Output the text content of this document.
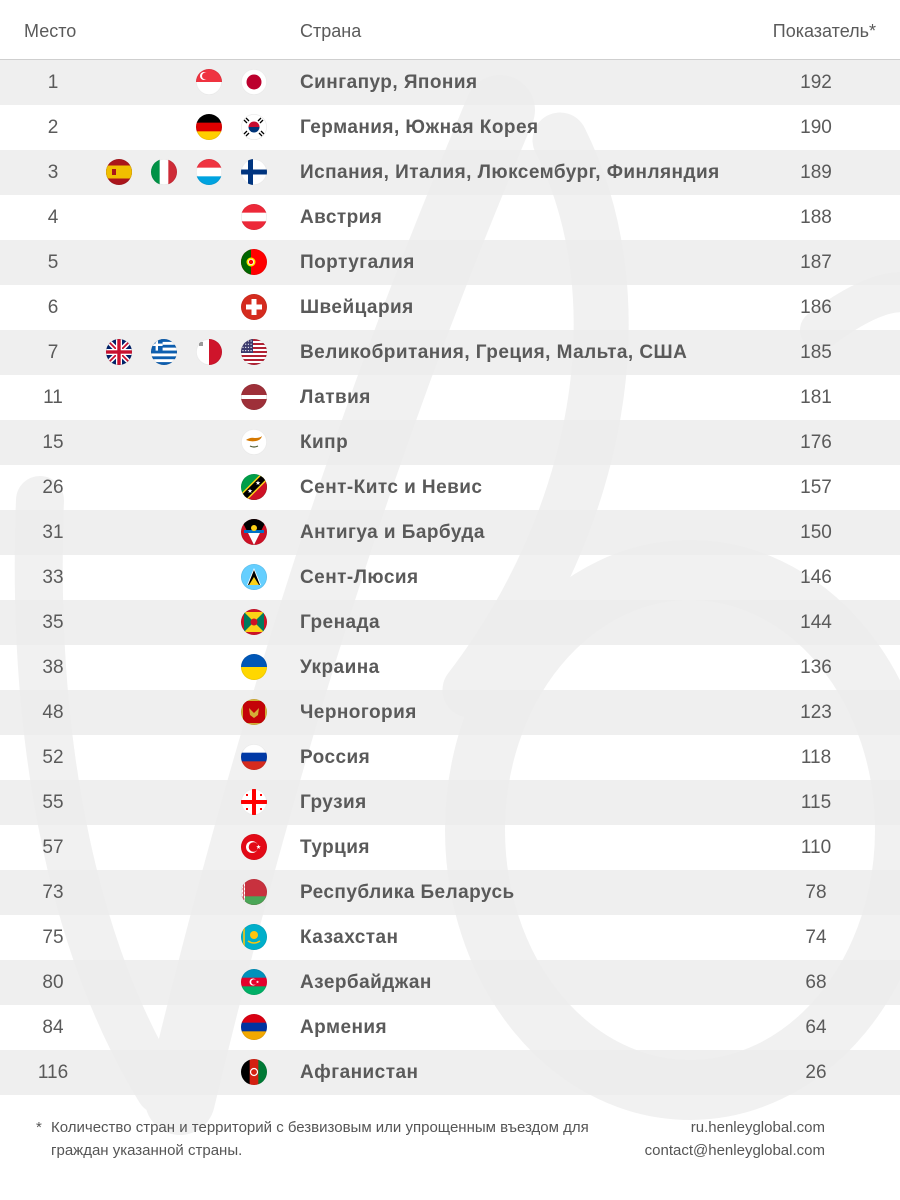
Место	Страна	Показатель*
1	Сингапур, Япония	192
2	Германия, Южная Корея	190
3	Испания, Италия, Люксембург, Финляндия	189
4	Австрия	188
5	Португалия	187
6	Швейцария	186
7	Великобритания, Греция, Мальта, США	185
11	Латвия	181
15	Кипр	176
26	Сент-Китс и Невис	157
31	Антигуа и Барбуда	150
33	Сент-Люсия	146
35	Гренада	144
38	Украина	136
48	Черногория	123
52	Россия	118
55	Грузия	115
57	Турция	110
73	Республика Беларусь	78
75	Казахстан	74
80	Азербайджан	68
84	Армения	64
116	Афганистан	26
* Количество стран и территорий с безвизовым или упрощенным въездом для граждан указанной страны.
ru.henleyglobal.com
contact@henleyglobal.com
